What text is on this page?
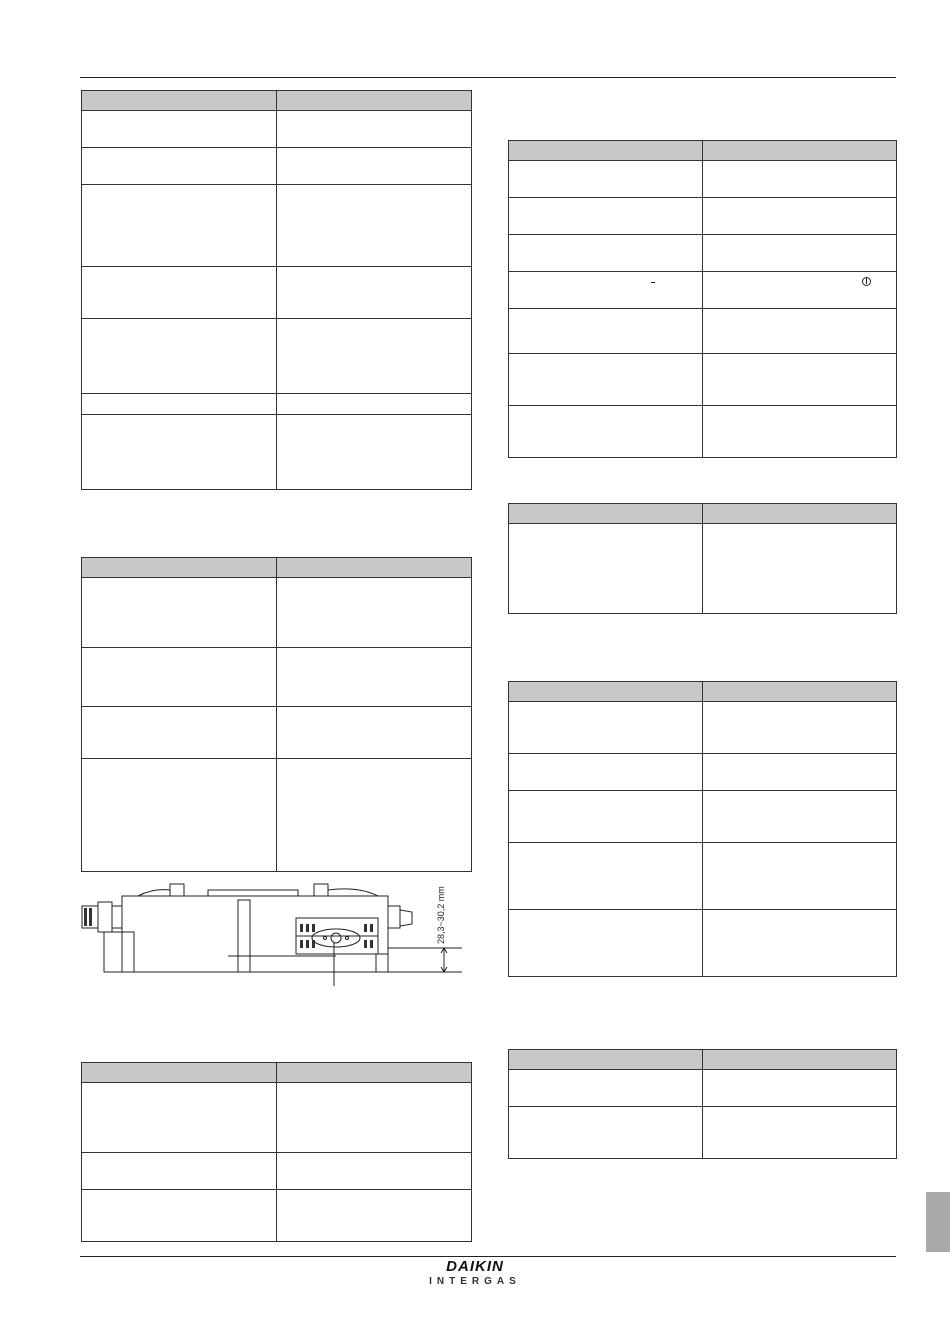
28,3~30,2 mm

DAIKIN
INTERGAS
